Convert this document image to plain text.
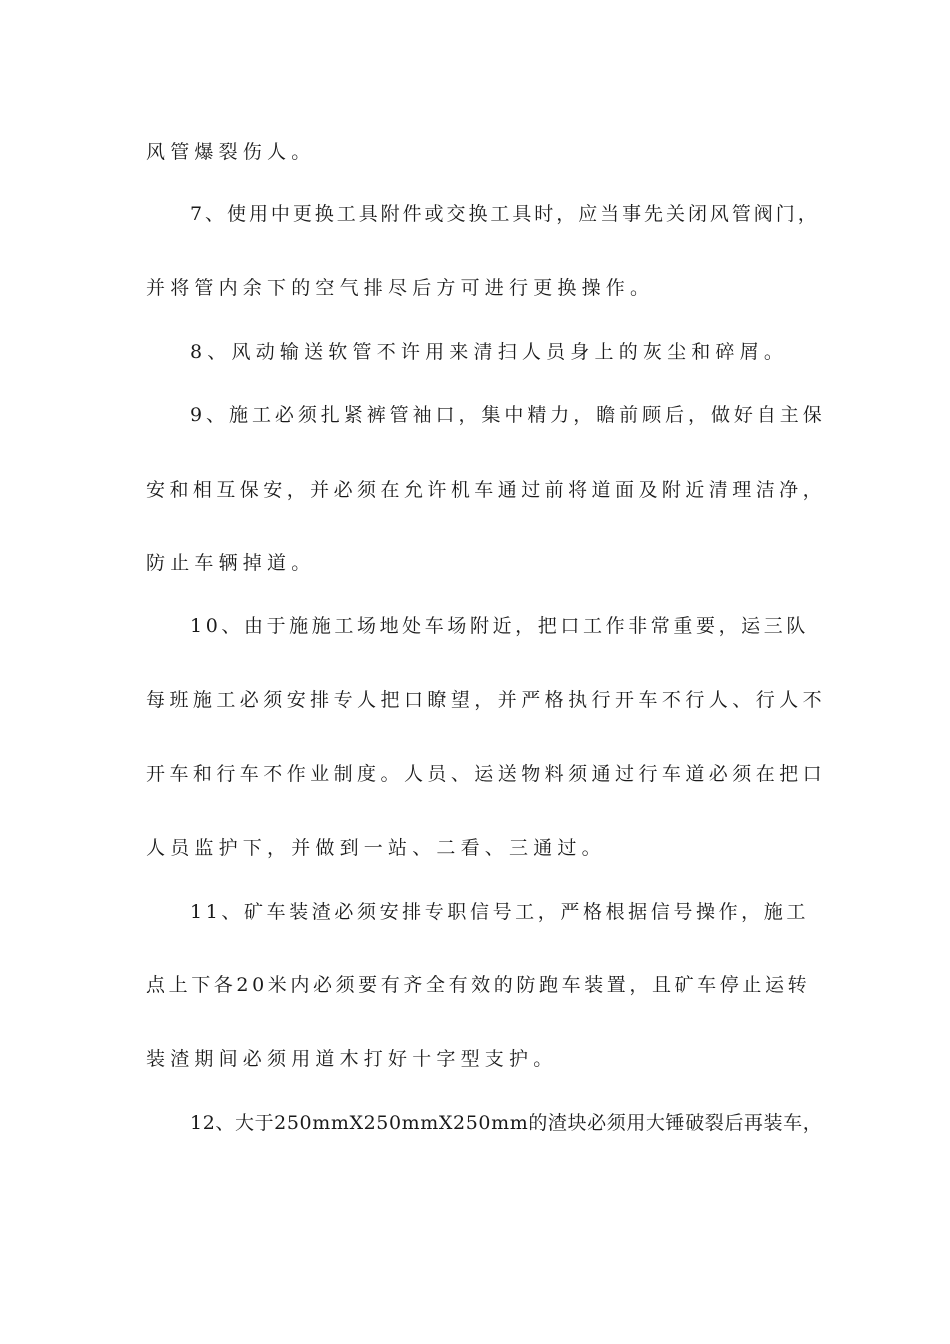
风管爆裂伤人。
7、使用中更换工具附件或交换工具时，应当事先关闭风管阀门，
并将管内余下的空气排尽后方可进行更换操作。
8、风动输送软管不许用来清扫人员身上的灰尘和碎屑。
9、施工必须扎紧裤管袖口，集中精力，瞻前顾后，做好自主保
安和相互保安，并必须在允许机车通过前将道面及附近清理洁净，
防止车辆掉道。
10、由于施施工场地处车场附近，把口工作非常重要，运三队
每班施工必须安排专人把口瞭望，并严格执行开车不行人、行人不
开车和行车不作业制度。人员、运送物料须通过行车道必须在把口
人员监护下，并做到一站、二看、三通过。
11、矿车装渣必须安排专职信号工，严格根据信号操作，施工
点上下各20米内必须要有齐全有效的防跑车装置，且矿车停止运转
装渣期间必须用道木打好十字型支护。
12、大于250mmX250mmX250mm的渣块必须用大锤破裂后再装车，
